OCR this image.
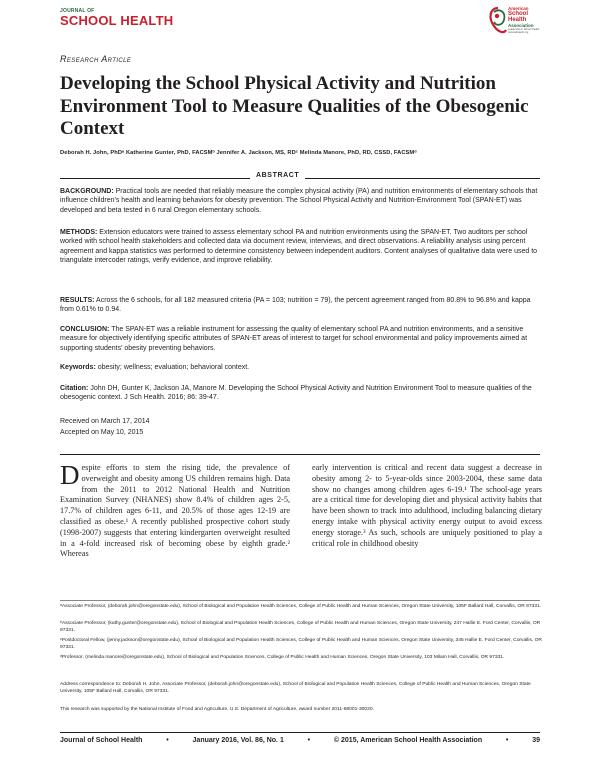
JOURNAL OF
SCHOOL HEALTH
American
School
Health
Association
Leadership in School Health
www.ashaweb.org
Research Article
Developing the School Physical Activity and Nutrition Environment Tool to Measure Qualities of the Obesogenic Context
Deborah H. John, PhDᵃ Katherine Gunter, PhD, FACSMᵇ Jennifer A. Jackson, MS, RDᶜ Melinda Manore, PhD, RD, CSSD, FACSMᵈ
ABSTRACT
BACKGROUND: Practical tools are needed that reliably measure the complex physical activity (PA) and nutrition environments of elementary schools that influence children's health and learning behaviors for obesity prevention. The School Physical Activity and Nutrition-Environment Tool (SPAN-ET) was developed and beta tested in 6 rural Oregon elementary schools.
METHODS: Extension educators were trained to assess elementary school PA and nutrition environments using the SPAN-ET. Two auditors per school worked with school health stakeholders and collected data via document review, interviews, and direct observations. A reliability analysis using percent agreement and kappa statistics was performed to determine consistency between independent auditors. Content analyses of qualitative data were used to triangulate intercoder ratings, verify evidence, and improve reliability.
RESULTS: Across the 6 schools, for all 182 measured criteria (PA = 103; nutrition = 79), the percent agreement ranged from 80.8% to 96.8% and kappa from 0.61% to 0.94.
CONCLUSION: The SPAN-ET was a reliable instrument for assessing the quality of elementary school PA and nutrition environments, and a sensitive measure for objectively identifying specific attributes of SPAN-ET areas of interest to target for school environmental and policy improvements aimed at supporting students' obesity preventing behaviors.
Keywords: obesity; wellness; evaluation; behavioral context.
Citation: John DH, Gunter K, Jackson JA, Manore M. Developing the School Physical Activity and Nutrition Environment Tool to measure qualities of the obesogenic context. J Sch Health. 2016; 86: 39-47.
Received on March 17, 2014
Accepted on May 10, 2015
Despite efforts to stem the rising tide, the prevalence of overweight and obesity among US children remains high. Data from the 2011 to 2012 National Health and Nutrition Examination Survey (NHANES) show 8.4% of children ages 2-5, 17.7% of children ages 6-11, and 20.5% of those ages 12-19 are classified as obese.¹ A recently published prospective cohort study (1998-2007) suggests that entering kindergarten overweight resulted in a 4-fold increased risk of becoming obese by eighth grade.² Whereas
early intervention is critical and recent data suggest a decrease in obesity among 2- to 5-year-olds since 2003-2004, these same data show no changes among children ages 6-19.¹ The school-age years are a critical time for developing diet and physical activity habits that have been shown to track into adulthood, including balancing dietary energy intake with physical activity energy output to avoid excess energy storage.³ As such, schools are uniquely positioned to play a critical role in childhood obesity
ᵃAssociate Professor, (deborah.john@oregonstate.edu), School of Biological and Population Health Sciences, College of Public Health and Human Sciences, Oregon State University, 105F Ballard Hall, Corvallis, OR 97331.
ᵇAssociate Professor, (kathy.gunter@oregonstate.edu), School of Biological and Population Health Sciences, College of Public Health and Human Sciences, Oregon State University, 247 Hallie E. Ford Center, Corvallis, OR 97331.
ᶜPostdoctoral Fellow, (jenny.jackson@oregonstate.edu), School of Biological and Population Health Sciences, College of Public Health and Human Sciences, Oregon State University, 345 Hallie E. Ford Center, Corvallis, OR 97331.
ᵈProfessor, (melinda.manore@oregonstate.edu), School of Biological and Population Sciences, College of Public Health and Human Sciences, Oregon State University, 103 Milam Hall, Corvallis, OR 97331.
Address correspondence to: Deborah H. John, Associate Professor, (deborah.john@oregonstate.edu), School of Biological and Population Health Sciences, College of Public Health and Human Sciences, Oregon State University, 105F Ballard Hall, Corvallis, OR 97331.
This research was supported by the National Institute of Food and Agriculture, U.S. Department of Agriculture, award number 2011-68001-30020.
Journal of School Health	•	January 2016, Vol. 86, No. 1	•	© 2015, American School Health Association	•	39
